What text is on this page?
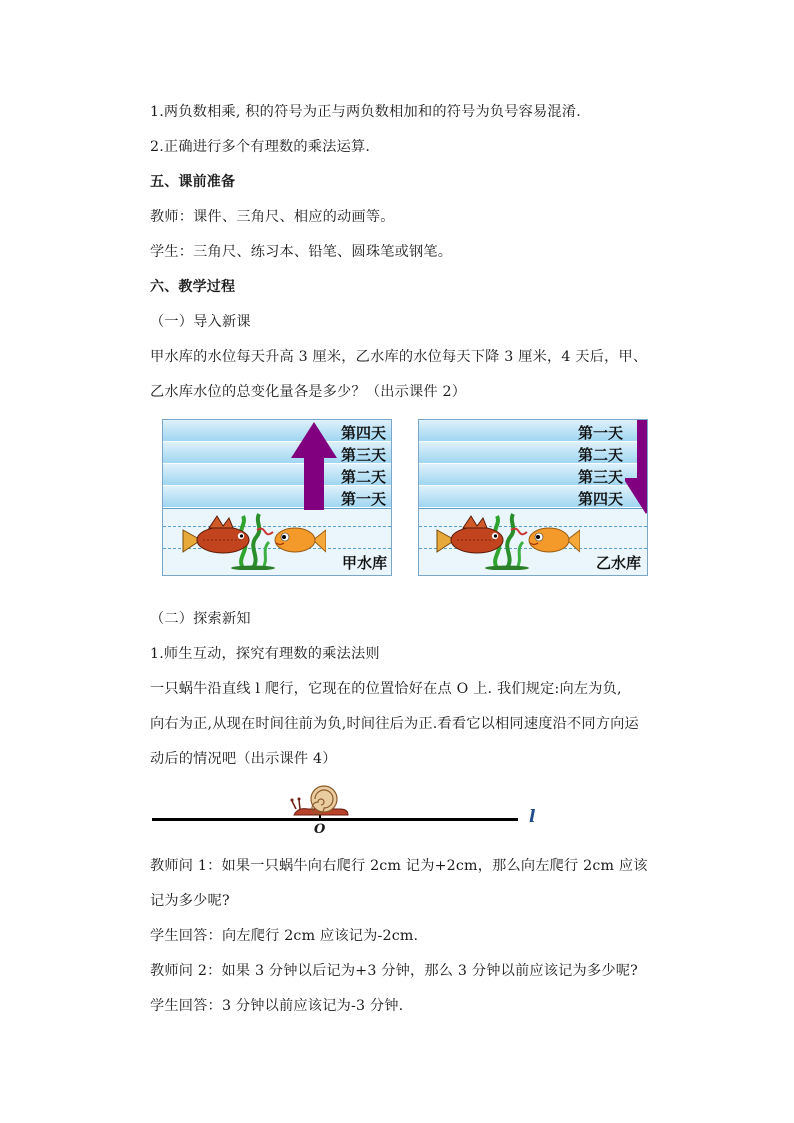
1.两负数相乘, 积的符号为正与两负数相加和的符号为负号容易混淆.
2.正确进行多个有理数的乘法运算.
五、课前准备
教师：课件、三角尺、相应的动画等。
学生：三角尺、练习本、铅笔、圆珠笔或钢笔。
六、教学过程
（一）导入新课
甲水库的水位每天升高 3 厘米，乙水库的水位每天下降 3 厘米，4 天后，甲、
乙水库水位的总变化量各是多少？（出示课件 2）
第四天
第三天
第二天
第一天
甲水库
第一天
第二天
第三天
第四天
乙水库
（二）探索新知
1.师生互动，探究有理数的乘法法则
一只蜗牛沿直线 l 爬行，它现在的位置恰好在点 O 上. 我们规定:向左为负,
向右为正,从现在时间往前为负,时间往后为正.看看它以相同速度沿不同方向运
动后的情况吧（出示课件 4）
O
l
教师问 1：如果一只蜗牛向右爬行 2cm 记为+2cm，那么向左爬行 2cm 应该
记为多少呢?
学生回答：向左爬行 2cm 应该记为-2cm.
教师问 2：如果 3 分钟以后记为+3 分钟，那么 3 分钟以前应该记为多少呢?
学生回答：3 分钟以前应该记为-3 分钟.
